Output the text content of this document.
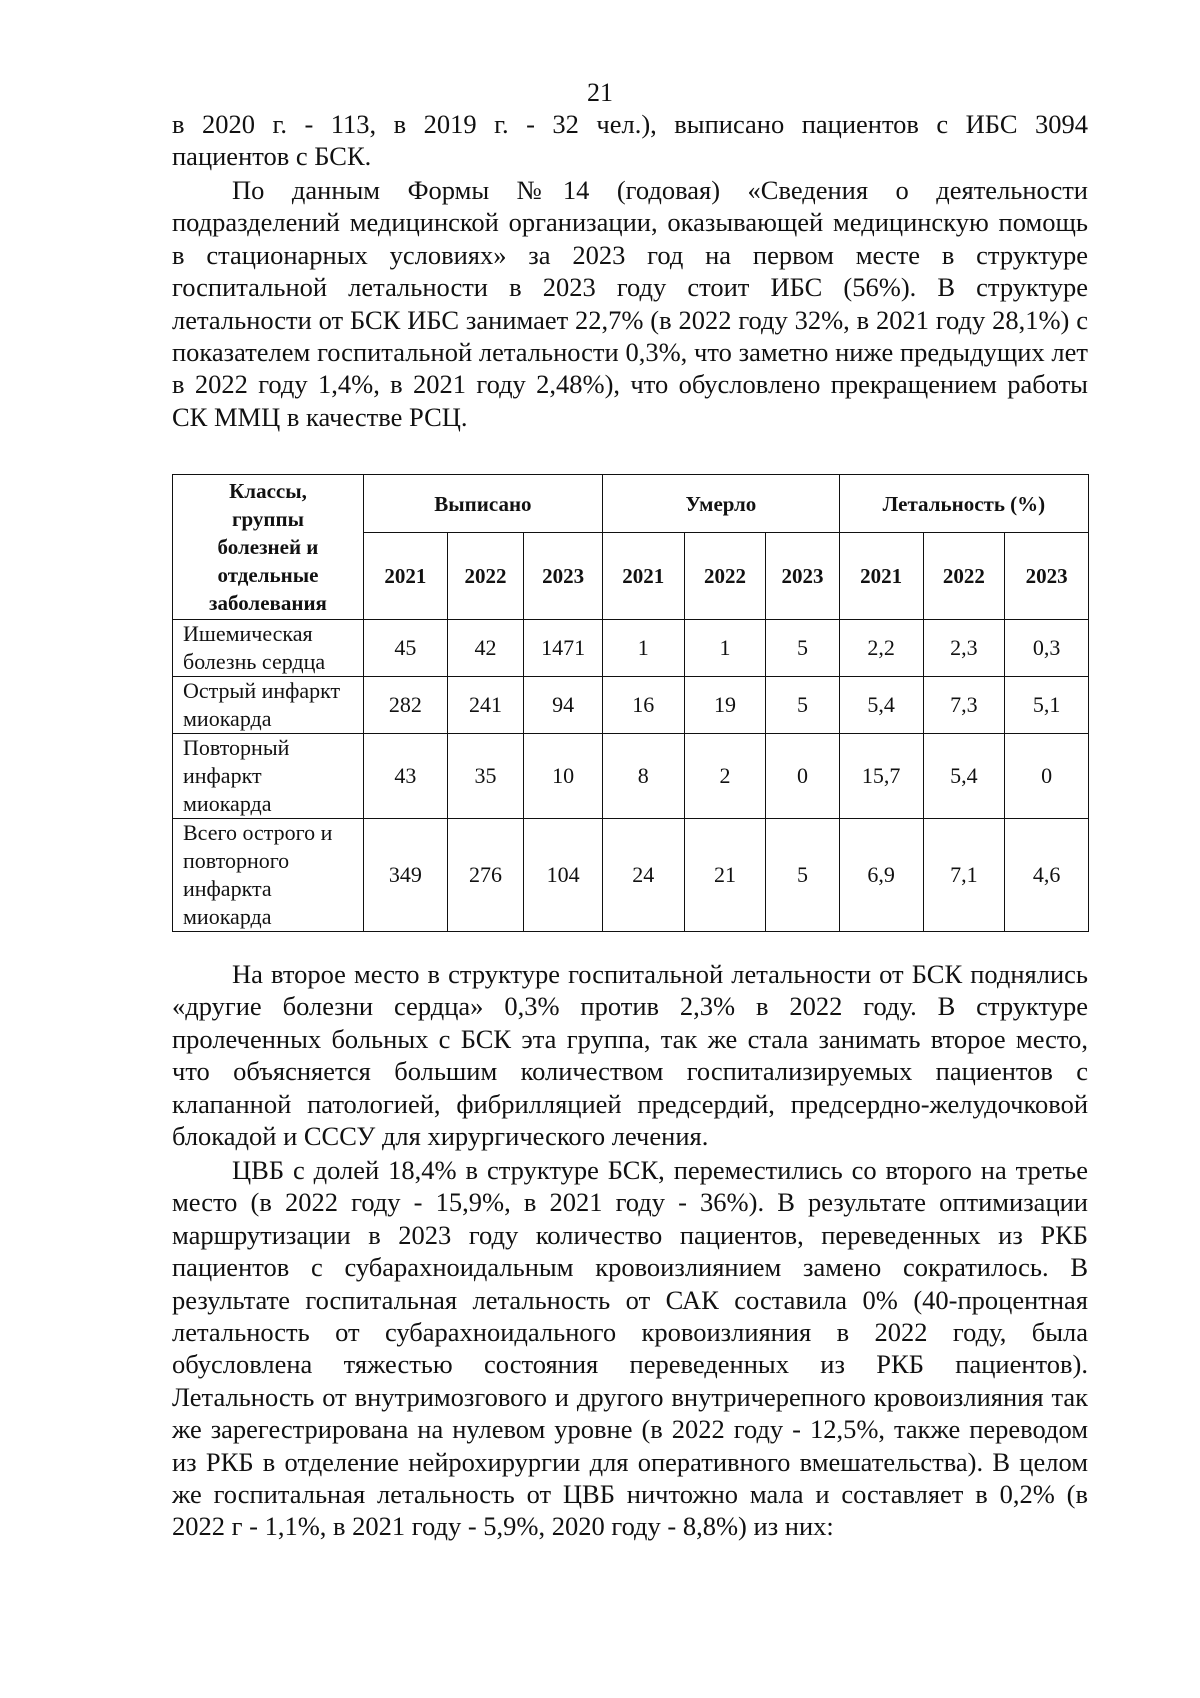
21

в 2020 г. - 113, в 2019 г. - 32 чел.), выписано пациентов с ИБС 3094

пациентов с БСК.

По данным Формы №14 (годовая) «Сведения о деятельности подразделений медицинской организации, оказывающей медицинскую помощь в стационарных условиях» за 2023 год на первом месте в структуре госпитальной летальности в 2023 году стоит ИБС (56%). В структуре летальности от БСК ИБС занимает 22,7% (в 2022 году 32%, в 2021 году 28,1%) с показателем госпитальной летальности 0,3%, что заметно ниже предыдущих лет в 2022 году 1,4%, в 2021 году 2,48%), что обусловлено прекращением работы СК ММЦ в качестве РСЦ.

Классы,
группы
болезней и
отдельные
заболевания	Выписано			Умерло			Летальность (%)		
	2021	2022	2023	2021	2022	2023	2021	2022	2023

Ишемическая
болезнь сердца	45	42	1471	1	1	5	2,2	2,3	0,3

Острый инфаркт
миокарда	282	241	94	16	19	5	5,4	7,3	5,1

Повторный
инфаркт
миокарда	43	35	10	8	2	0	15,7	5,4	0

Всего острого и
повторного
инфаркта
миокарда	349	276	104	24	21	5	6,9	7,1	4,6

На второе место в структуре госпитальной летальности от БСК поднялись «другие болезни сердца» 0,3% против 2,3% в 2022 году. В структуре пролеченных больных с БСК эта группа, так же стала занимать второе место, что объясняется большим количеством госпитализируемых пациентов с клапанной патологией, фибрилляцией предсердий, предсердно-желудочковой блокадой и СССУ для хирургического лечения.

ЦВБ с долей 18,4% в структуре БСК, переместились со второго на третье место (в 2022 году - 15,9%, в 2021 году - 36%). В результате оптимизации маршрутизации в 2023 году количество пациентов, переведенных из РКБ пациентов с субарахноидальным кровоизлиянием замено сократилось. В результате госпитальная летальность от САК составила 0% (40-процентная летальность от субарахноидального кровоизлияния в 2022 году, была обусловлена тяжестью состояния переведенных из РКБ пациентов). Летальность от внутримозгового и другого внутричерепного кровоизлияния так же зарегестрирована на нулевом уровне (в 2022 году - 12,5%, также переводом из РКБ в отделение нейрохирургии для оперативного вмешательства). В целом же госпитальная летальность от ЦВБ ничтожно мала и составляет в 0,2% (в 2022 г - 1,1%, в 2021 году - 5,9%, 2020 году - 8,8%) из них:
